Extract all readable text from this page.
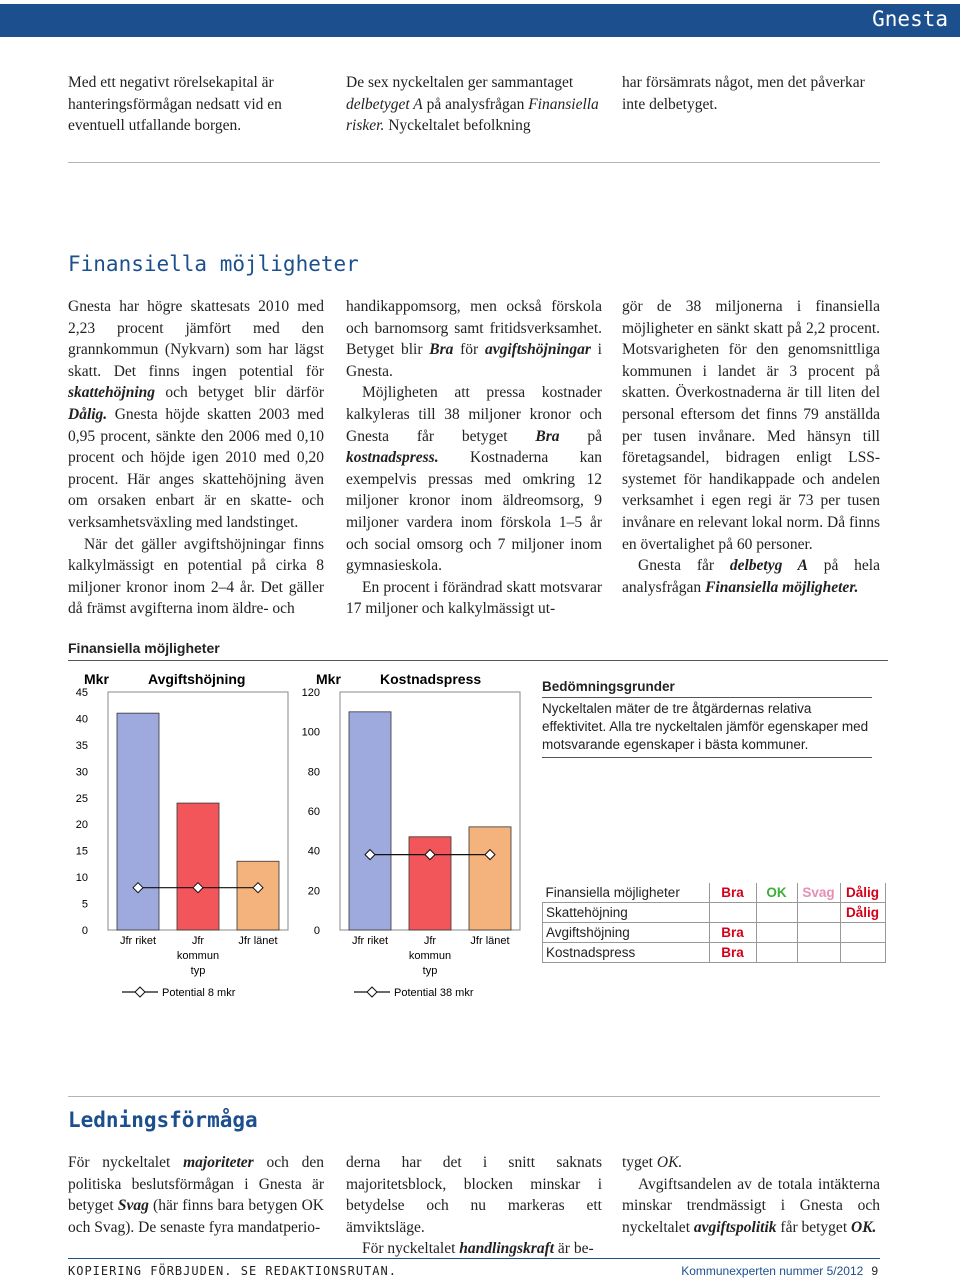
Gnesta

Med ett negativt rörelsekapital är hanteringsförmågan nedsatt vid en eventuell utfallande borgen.

De sex nyckeltalen ger sammantaget delbetyget A på analysfrågan Finansiella risker. Nyckeltalet befolkning

har försämrats något, men det påverkar inte delbetyget.

Finansiella möjligheter

Gnesta har högre skattesats 2010 med 2,23 procent jämfört med den grannkommun (Nykvarn) som har lägst skatt. Det finns ingen potential för skattehöjning och betyget blir därför Dålig. Gnesta höjde skatten 2003 med 0,95 procent, sänkte den 2006 med 0,10 procent och höjde igen 2010 med 0,20 procent. Här anges skattehöjning även om orsaken enbart är en skatte- och verksamhetsväxling med landstinget.

När det gäller avgiftshöjningar finns kalkylmässigt en potential på cirka 8 miljoner kronor inom 2–4 år. Det gäller då främst avgifterna inom äldre- och

handikappomsorg, men också förskola och barnomsorg samt fritidsverksamhet. Betyget blir Bra för avgiftshöjningar i Gnesta.

Möjligheten att pressa kostnader kalkyleras till 38 miljoner kronor och Gnesta får betyget Bra på kostnadspress. Kostnaderna kan exempelvis pressas med omkring 12 miljoner kronor inom äldreomsorg, 9 miljoner vardera inom förskola 1–5 år och social omsorg och 7 miljoner inom gymnasieskola.

En procent i förändrad skatt motsvarar 17 miljoner och kalkylmässigt ut-

gör de 38 miljonerna i finansiella möjligheter en sänkt skatt på 2,2 procent. Motsvarigheten för den genomsnittliga kommunen i landet är 3 procent på skatten. Överkostnaderna är till liten del personal eftersom det finns 79 anställda per tusen invånare. Med hänsyn till företagsandel, bidragen enligt LSS-systemet för handikappade och andelen verksamhet i egen regi är 73 per tusen invånare en relevant lokal norm. Då finns en övertalighet på 60 personer.

Gnesta får delbetyg A på hela analysfrågan Finansiella möjligheter.

Finansiella möjligheter
Mkr	Avgiftshöjning
0
5
10
15
20
25
30
35
40
45
Jfr riket	Jfr
kommun
typ
Jfr länet
Potential 8 mkr
Mkr	Kostnadspress
0
20
40
60
80
100
120
Jfr riket	Jfr
kommun
typ
Jfr länet
Potential 38 mkr
Bedömningsgrunder
Nyckeltalen mäter de tre åtgärdernas relativa effektivitet. Alla tre nyckeltalen jämför egenskaper med motsvarande egenskaper i bästa kommuner.
Finansiella möjligheter	Bra	OK	Svag	Dålig
Skattehöjning				Dålig
Avgiftshöjning	Bra			
Kostnadspress	Bra			
Ledningsförmåga

För nyckeltalet majoriteter och den politiska beslutsförmågan i Gnesta är betyget Svag (här finns bara betygen OK och Svag). De senaste fyra mandatperio-

derna har det i snitt saknats majoritetsblock, blocken minskar i betydelse och nu markeras ett ämviktsläge.

För nyckeltalet handlingskraft är be-

tyget OK.

Avgiftsandelen av de totala intäkterna minskar trendmässigt i Gnesta och nyckeltalet avgiftspolitik får betyget OK.

KOPIERING FÖRBJUDEN. SE REDAKTIONSRUTAN.	Kommunexperten nummer 5/2012 9
